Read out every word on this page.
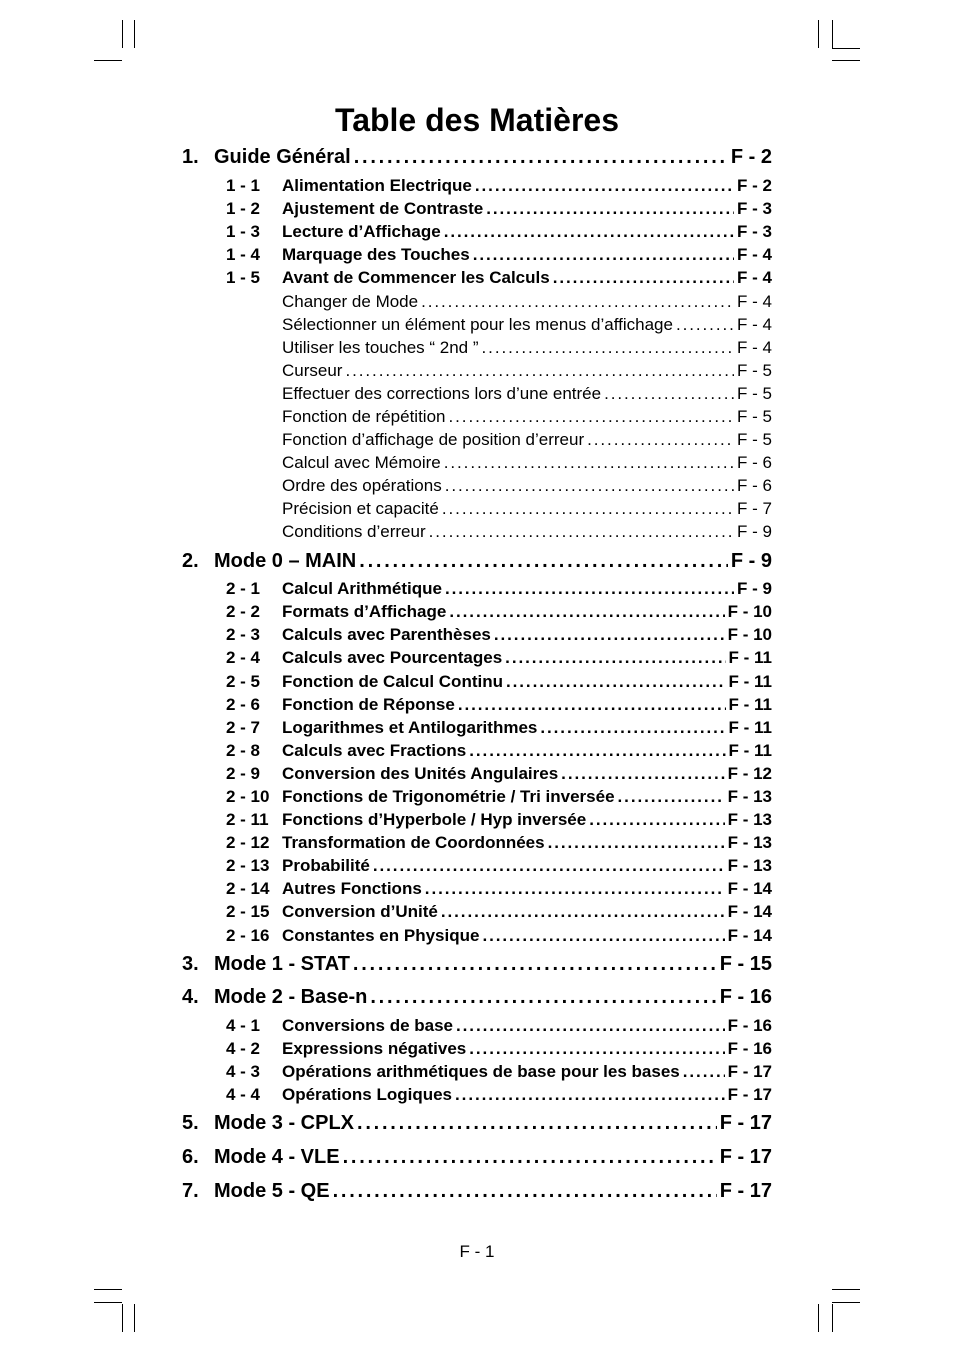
Table des Matières
1. Guide Général . . .	F - 2
1 - 1 Alimentation Electrique . . .	F - 2
1 - 2 Ajustement de Contraste . . .	F - 3
1 - 3 Lecture d’Affichage . . .	F - 3
1 - 4 Marquage des Touches . . .	F - 4
1 - 5 Avant de Commencer les Calculs . . .	F - 4
Changer de Mode . . .	F - 4
Sélectionner un élément pour les menus d’affichage . . .	F - 4
Utiliser les touches “ 2nd ” . . .	F - 4
Curseur . . .	F - 5
Effectuer des corrections lors d’une entrée . . .	F - 5
Fonction de répétition . . .	F - 5
Fonction d’affichage de position d’erreur . . .	F - 5
Calcul avec Mémoire . . .	F - 6
Ordre des opérations . . .	F - 6
Précision et capacité . . .	F - 7
Conditions d’erreur . . .	F - 9
2. Mode 0 – MAIN . . .	F - 9
2 - 1 Calcul Arithmétique . . .	F - 9
2 - 2 Formats d’Affichage . . .	F - 10
2 - 3 Calculs avec Parenthèses . . .	F - 10
2 - 4 Calculs avec Pourcentages . . .	F - 11
2 - 5 Fonction de Calcul Continu . . .	F - 11
2 - 6 Fonction de Réponse . . .	F - 11
2 - 7 Logarithmes et Antilogarithmes . . .	F - 11
2 - 8 Calculs avec Fractions . . .	F - 11
2 - 9 Conversion des Unités Angulaires . . .	F - 12
2 - 10 Fonctions de Trigonométrie / Tri inversée . . .	F - 13
2 - 11 Fonctions d’Hyperbole / Hyp inversée . . .	F - 13
2 - 12 Transformation de Coordonnées . . .	F - 13
2 - 13 Probabilité . . .	F - 13
2 - 14 Autres Fonctions . . .	F - 14
2 - 15 Conversion d’Unité . . .	F - 14
2 - 16 Constantes en Physique . . .	F - 14
3. Mode 1 - STAT . . .	F - 15
4. Mode 2 - Base-n . . .	F - 16
4 - 1 Conversions de base . . .	F - 16
4 - 2 Expressions négatives . . .	F - 16
4 - 3 Opérations arithmétiques de base pour les bases . . .	F - 17
4 - 4 Opérations Logiques . . .	F - 17
5. Mode 3 - CPLX . . .	F - 17
6. Mode 4 - VLE . . .	F - 17
7. Mode 5 - QE . . .	F - 17
F - 1
